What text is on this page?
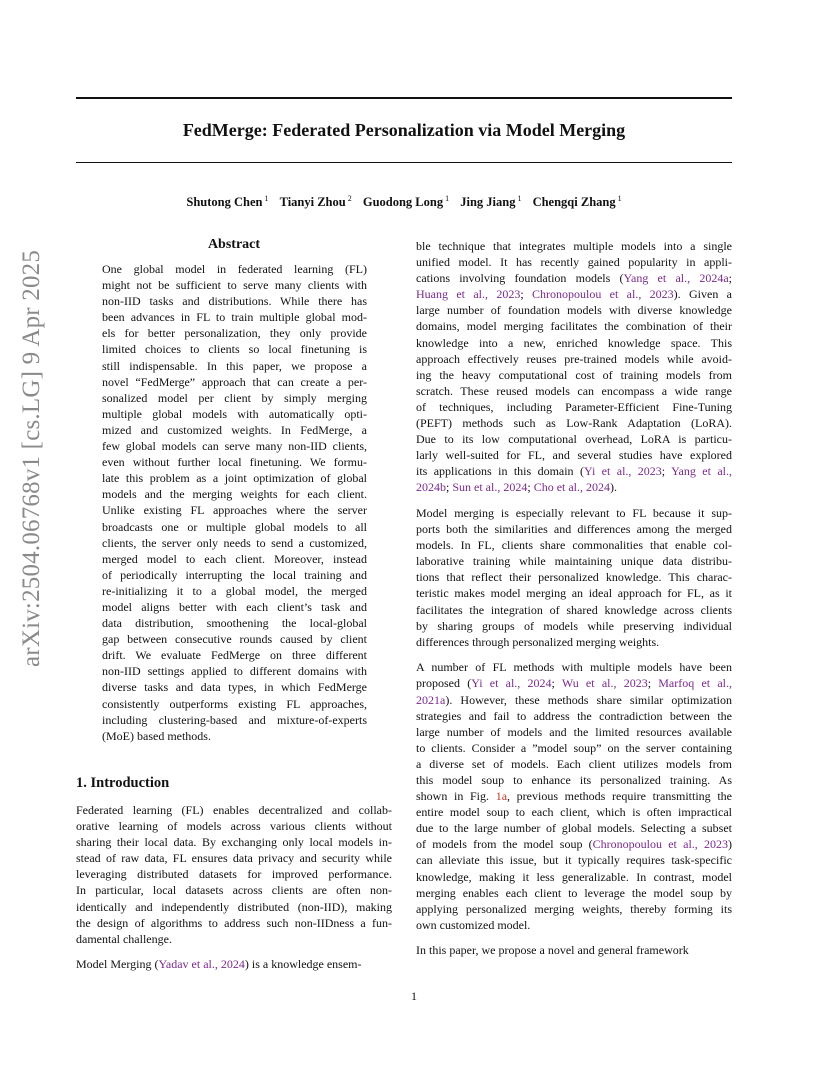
arXiv:2504.06768v1 [cs.LG] 9 Apr 2025
FedMerge: Federated Personalization via Model Merging
Shutong Chen $^1$ Tianyi Zhou $^2$ Guodong Long $^1$ Jing Jiang $^1$ Chengqi Zhang $^1$
Abstract
One global model in federated learning (FL)
might not be sufficient to serve many clients with
non-IID tasks and distributions. While there has
been advances in FL to train multiple global mod-
els for better personalization, they only provide
limited choices to clients so local finetuning is
still indispensable. In this paper, we propose a
novel “FedMerge” approach that can create a per-
sonalized model per client by simply merging
multiple global models with automatically opti-
mized and customized weights. In FedMerge, a
few global models can serve many non-IID clients,
even without further local finetuning. We formu-
late this problem as a joint optimization of global
models and the merging weights for each client.
Unlike existing FL approaches where the server
broadcasts one or multiple global models to all
clients, the server only needs to send a customized,
merged model to each client. Moreover, instead
of periodically interrupting the local training and
re-initializing it to a global model, the merged
model aligns better with each client’s task and
data distribution, smoothening the local-global
gap between consecutive rounds caused by client
drift. We evaluate FedMerge on three different
non-IID settings applied to different domains with
diverse tasks and data types, in which FedMerge
consistently outperforms existing FL approaches,
including clustering-based and mixture-of-experts
(MoE) based methods.
1. Introduction

Federated learning (FL) enables decentralized and collab-
orative learning of models across various clients without
sharing their local data. By exchanging only local models in-
stead of raw data, FL ensures data privacy and security while
leveraging distributed datasets for improved performance.
In particular, local datasets across clients are often non-
identically and independently distributed (non-IID), making
the design of algorithms to address such non-IIDness a fun-
damental challenge.

Model Merging (Yadav et al., 2024) is a knowledge ensem-

ble technique that integrates multiple models into a single
unified model. It has recently gained popularity in appli-
cations involving foundation models (Yang et al., 2024a;
Huang et al., 2023; Chronopoulou et al., 2023). Given a
large number of foundation models with diverse knowledge
domains, model merging facilitates the combination of their
knowledge into a new, enriched knowledge space. This
approach effectively reuses pre-trained models while avoid-
ing the heavy computational cost of training models from
scratch. These reused models can encompass a wide range
of techniques, including Parameter-Efficient Fine-Tuning
(PEFT) methods such as Low-Rank Adaptation (LoRA).
Due to its low computational overhead, LoRA is particu-
larly well-suited for FL, and several studies have explored
its applications in this domain (Yi et al., 2023; Yang et al.,
2024b; Sun et al., 2024; Cho et al., 2024).

Model merging is especially relevant to FL because it sup-
ports both the similarities and differences among the merged
models. In FL, clients share commonalities that enable col-
laborative training while maintaining unique data distribu-
tions that reflect their personalized knowledge. This charac-
teristic makes model merging an ideal approach for FL, as it
facilitates the integration of shared knowledge across clients
by sharing groups of models while preserving individual
differences through personalized merging weights.

A number of FL methods with multiple models have been
proposed (Yi et al., 2024; Wu et al., 2023; Marfoq et al.,
2021a). However, these methods share similar optimization
strategies and fail to address the contradiction between the
large number of models and the limited resources available
to clients. Consider a ”model soup” on the server containing
a diverse set of models. Each client utilizes models from
this model soup to enhance its personalized training. As
shown in Fig. 1a, previous methods require transmitting the
entire model soup to each client, which is often impractical
due to the large number of global models. Selecting a subset
of models from the model soup (Chronopoulou et al., 2023)
can alleviate this issue, but it typically requires task-specific
knowledge, making it less generalizable. In contrast, model
merging enables each client to leverage the model soup by
applying personalized merging weights, thereby forming its
own customized model.

In this paper, we propose a novel and general framework

1
